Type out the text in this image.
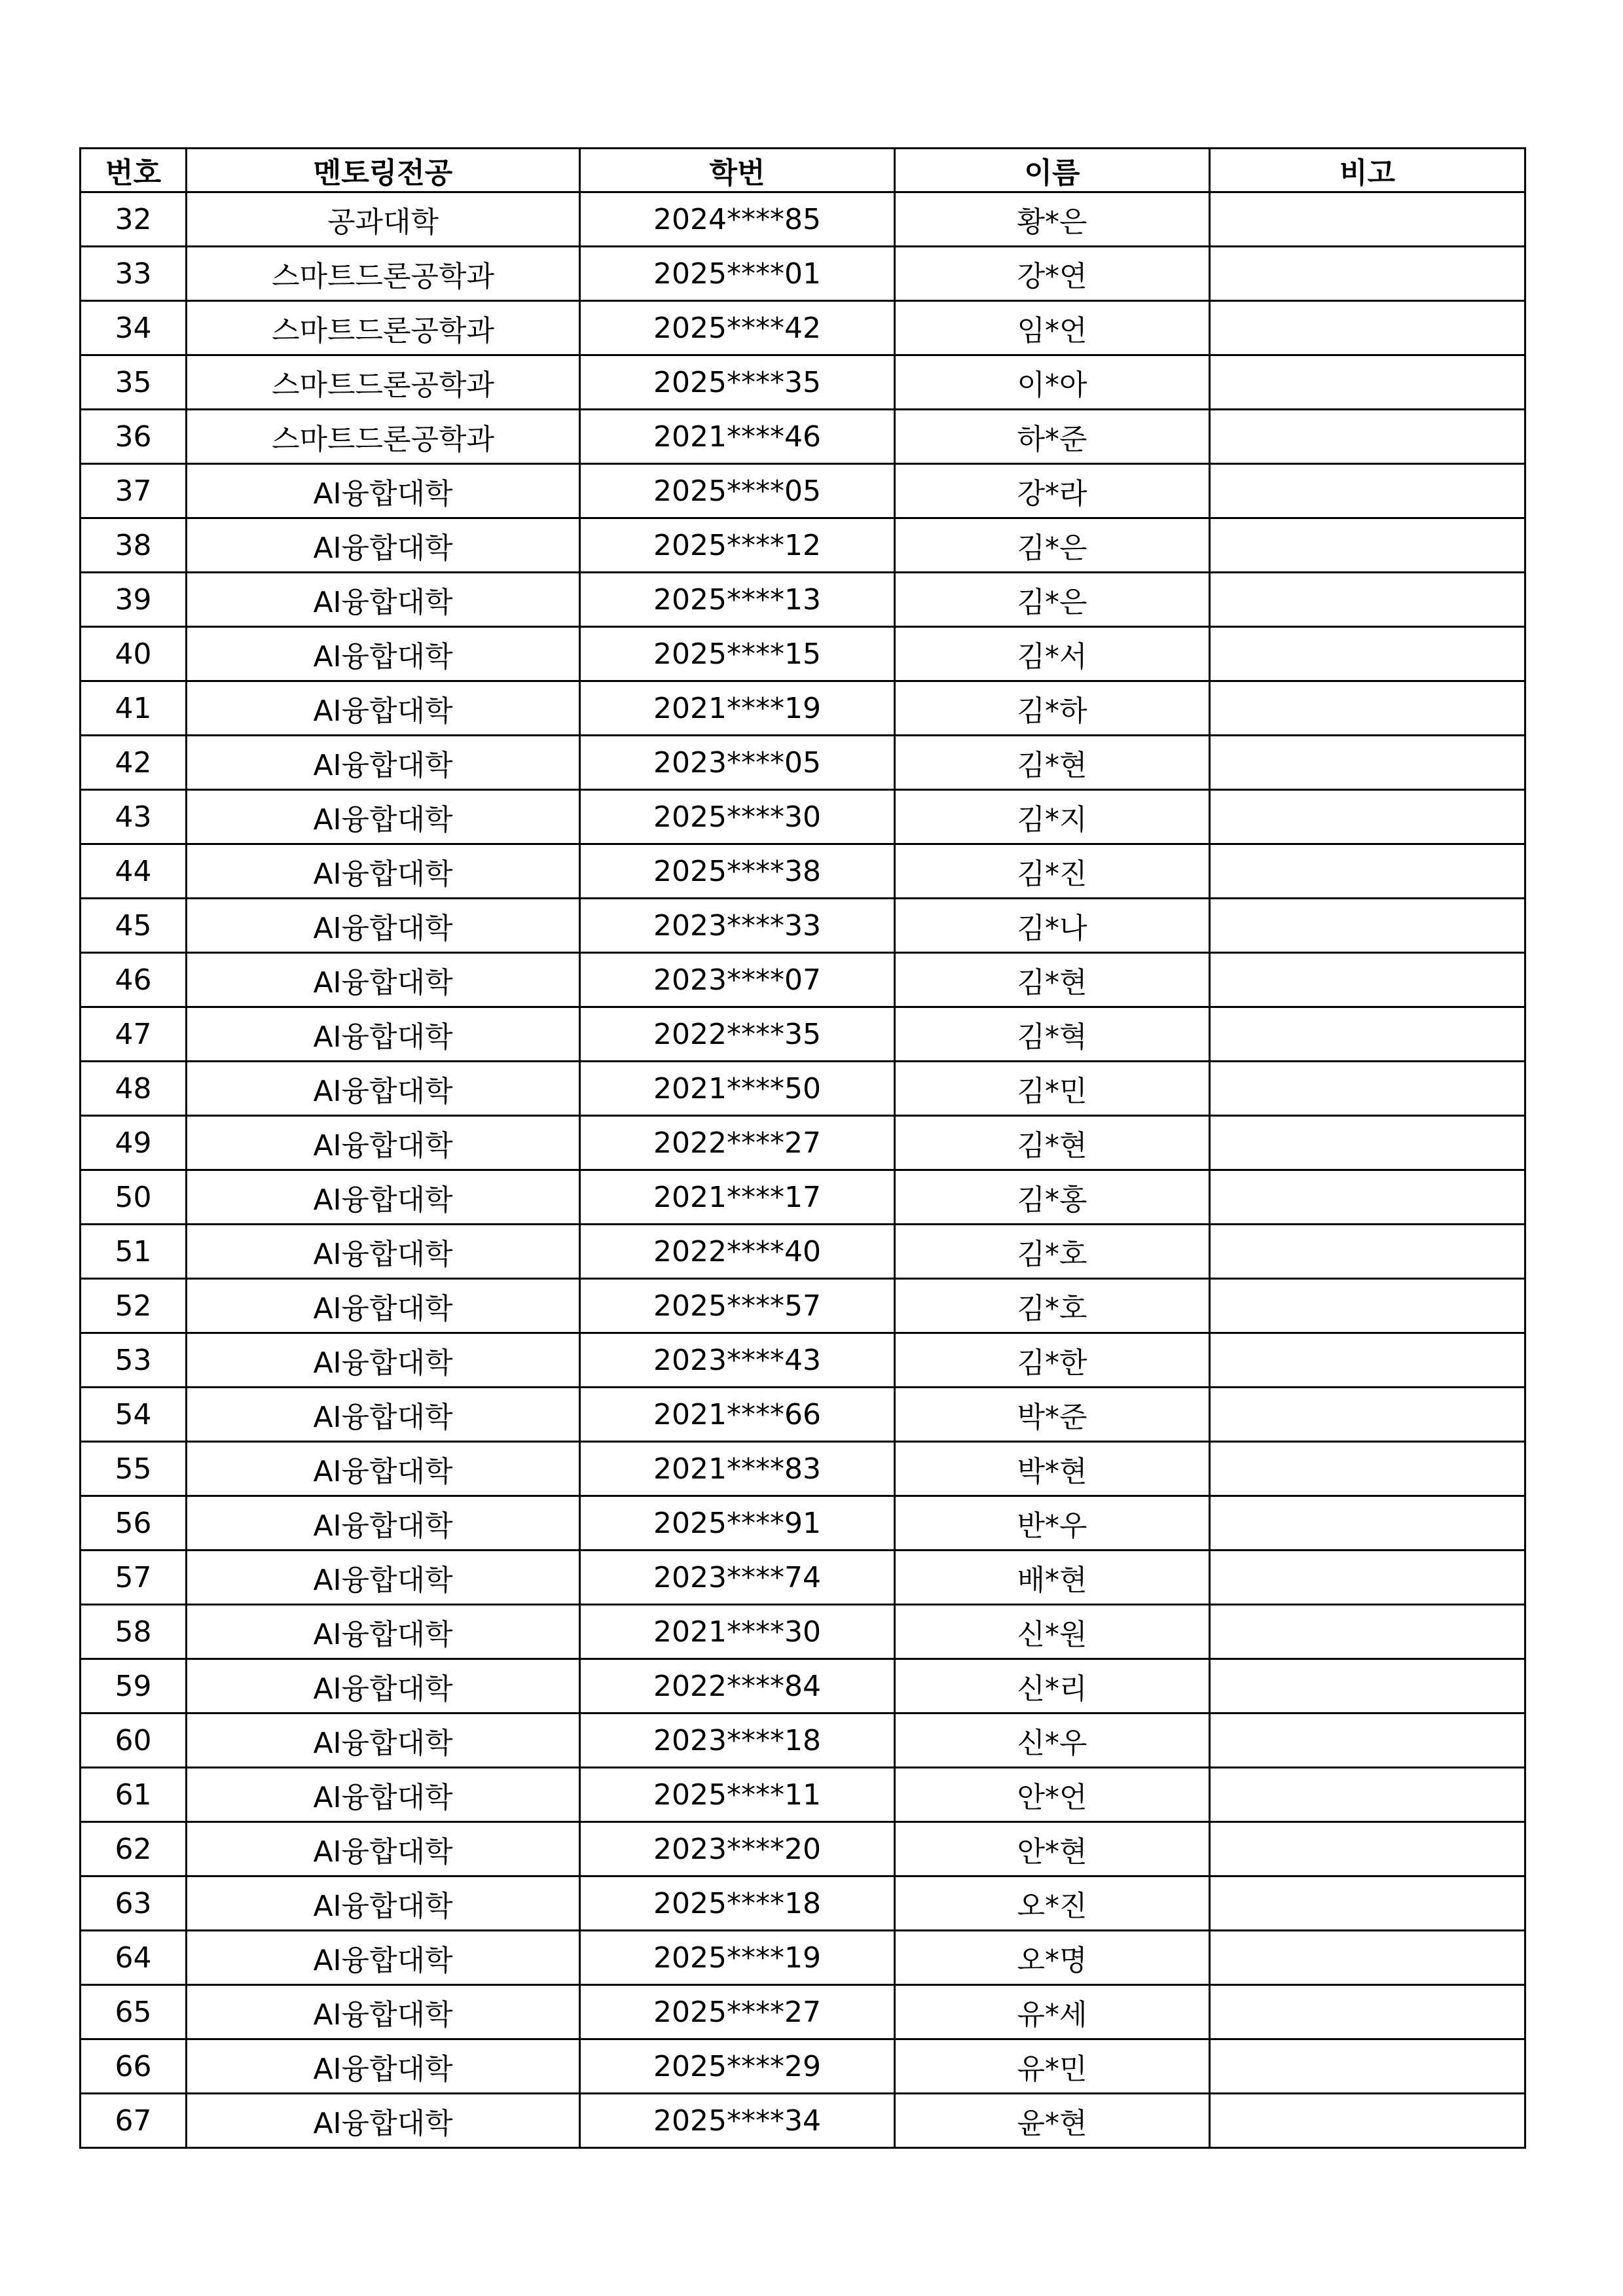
번호	멘토링전공	학번	이름	비고
32	공과대학	2024****85	황*은	
33	스마트드론공학과	2025****01	강*연	
34	스마트드론공학과	2025****42	임*언	
35	스마트드론공학과	2025****35	이*아	
36	스마트드론공학과	2021****46	하*준	
37	AI융합대학	2025****05	강*라	
38	AI융합대학	2025****12	김*은	
39	AI융합대학	2025****13	김*은	
40	AI융합대학	2025****15	김*서	
41	AI융합대학	2021****19	김*하	
42	AI융합대학	2023****05	김*현	
43	AI융합대학	2025****30	김*지	
44	AI융합대학	2025****38	김*진	
45	AI융합대학	2023****33	김*나	
46	AI융합대학	2023****07	김*현	
47	AI융합대학	2022****35	김*혁	
48	AI융합대학	2021****50	김*민	
49	AI융합대학	2022****27	김*현	
50	AI융합대학	2021****17	김*홍	
51	AI융합대학	2022****40	김*호	
52	AI융합대학	2025****57	김*호	
53	AI융합대학	2023****43	김*한	
54	AI융합대학	2021****66	박*준	
55	AI융합대학	2021****83	박*현	
56	AI융합대학	2025****91	반*우	
57	AI융합대학	2023****74	배*현	
58	AI융합대학	2021****30	신*원	
59	AI융합대학	2022****84	신*리	
60	AI융합대학	2023****18	신*우	
61	AI융합대학	2025****11	안*언	
62	AI융합대학	2023****20	안*현	
63	AI융합대학	2025****18	오*진	
64	AI융합대학	2025****19	오*명	
65	AI융합대학	2025****27	유*세	
66	AI융합대학	2025****29	유*민	
67	AI융합대학	2025****34	윤*현	
